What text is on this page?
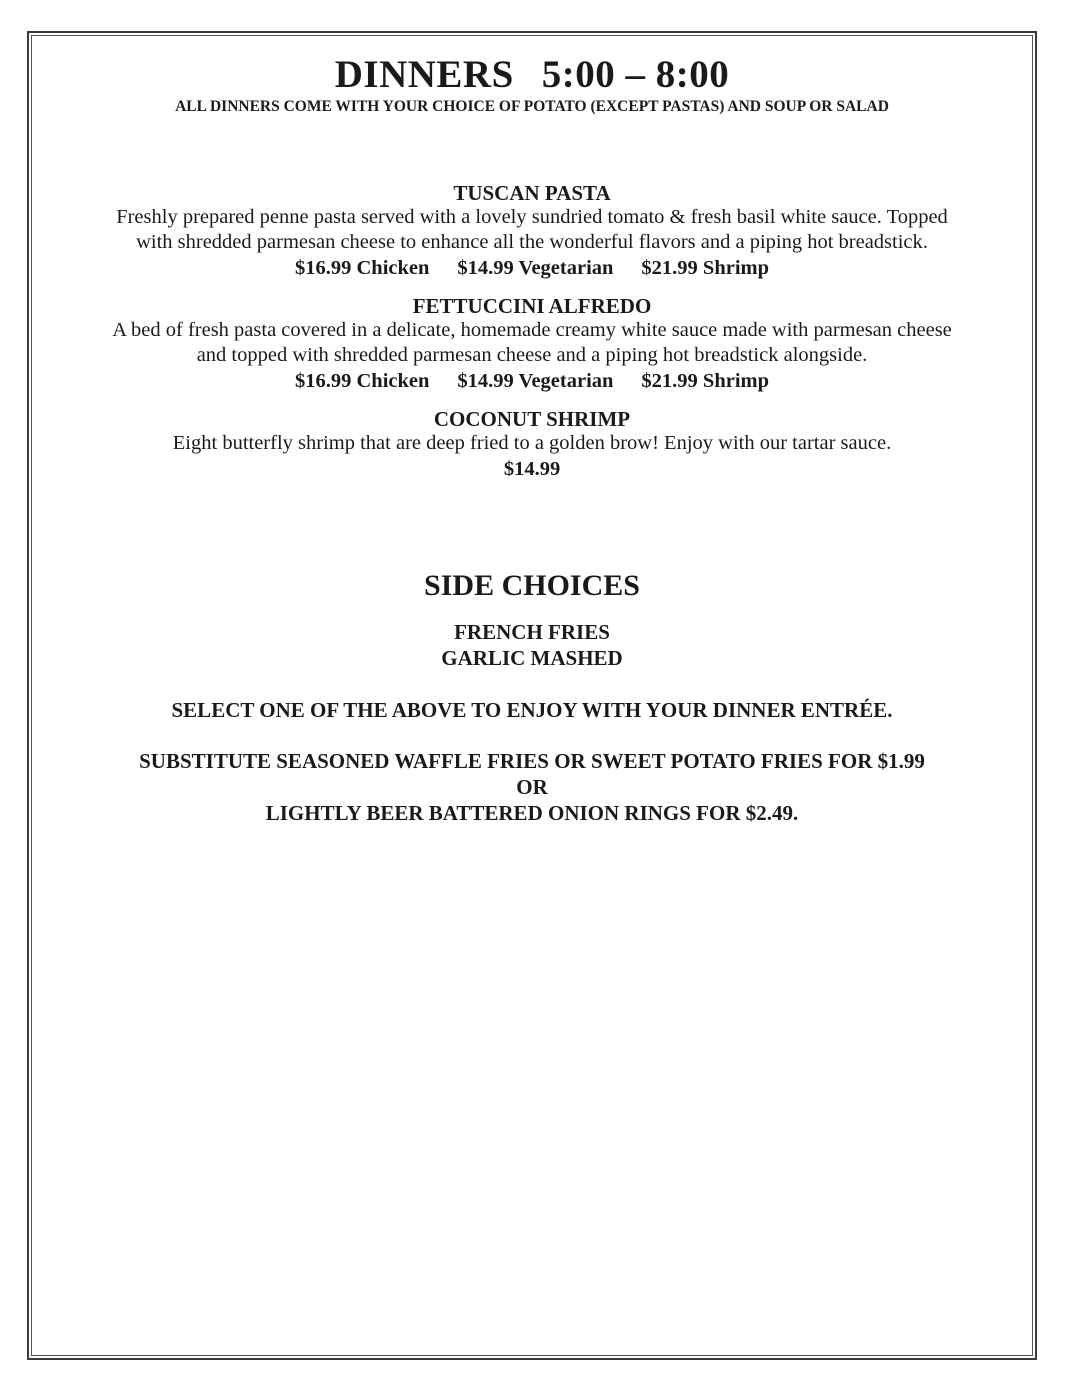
DINNERS 5:00 – 8:00
ALL DINNERS COME WITH YOUR CHOICE OF POTATO (EXCEPT PASTAS) AND SOUP OR SALAD
TUSCAN PASTA
Freshly prepared penne pasta served with a lovely sundried tomato & fresh basil white sauce. Topped
with shredded parmesan cheese to enhance all the wonderful flavors and a piping hot breadstick.
$16.99 Chicken $14.99 Vegetarian $21.99 Shrimp
FETTUCCINI ALFREDO
A bed of fresh pasta covered in a delicate, homemade creamy white sauce made with parmesan cheese
and topped with shredded parmesan cheese and a piping hot breadstick alongside.
$16.99 Chicken $14.99 Vegetarian $21.99 Shrimp
COCONUT SHRIMP
Eight butterfly shrimp that are deep fried to a golden brow! Enjoy with our tartar sauce.
$14.99
SIDE CHOICES
FRENCH FRIES
GARLIC MASHED
SELECT ONE OF THE ABOVE TO ENJOY WITH YOUR DINNER ENTRÉE.
SUBSTITUTE SEASONED WAFFLE FRIES OR SWEET POTATO FRIES FOR $1.99
OR
LIGHTLY BEER BATTERED ONION RINGS FOR $2.49.
